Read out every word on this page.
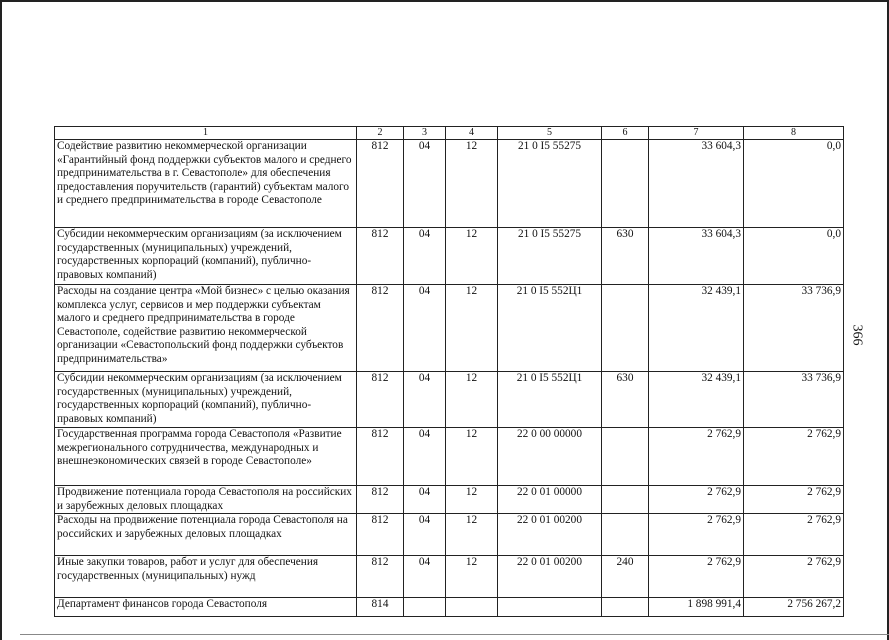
366
1	2	3	4	5	6	7	8
Содействие развитию некоммерческой организации «Гарантийный фонд поддержки субъектов малого и среднего предпринимательства в г. Севастополе» для обеспечения предоставления поручительств (гарантий) субъектам малого и среднего предпринимательства в городе Севастополе	812	04	12	21 0 I5 55275		33 604,3	0,0
Субсидии некоммерческим организациям (за исключением государственных (муниципальных) учреждений, государственных корпораций (компаний), публично-правовых компаний)	812	04	12	21 0 I5 55275	630	33 604,3	0,0
Расходы на создание центра «Мой бизнес» с целью оказания комплекса услуг, сервисов и мер поддержки субъектам малого и среднего предпринимательства в городе Севастополе, содействие развитию некоммерческой организации «Севастопольский фонд поддержки субъектов предпринимательства»	812	04	12	21 0 I5 552Ц1		32 439,1	33 736,9
Субсидии некоммерческим организациям (за исключением государственных (муниципальных) учреждений, государственных корпораций (компаний), публично-правовых компаний)	812	04	12	21 0 I5 552Ц1	630	32 439,1	33 736,9
Государственная программа города Севастополя «Развитие межрегионального сотрудничества, международных и внешнеэкономических связей в городе Севастополе»	812	04	12	22 0 00 00000		2 762,9	2 762,9
Продвижение потенциала города Севастополя на российских и зарубежных деловых площадках	812	04	12	22 0 01 00000		2 762,9	2 762,9
Расходы на продвижение потенциала города Севастополя на российских и зарубежных деловых площадках	812	04	12	22 0 01 00200		2 762,9	2 762,9
Иные закупки товаров, работ и услуг для обеспечения государственных (муниципальных) нужд	812	04	12	22 0 01 00200	240	2 762,9	2 762,9
Департамент финансов города Севастополя	814					1 898 991,4	2 756 267,2
